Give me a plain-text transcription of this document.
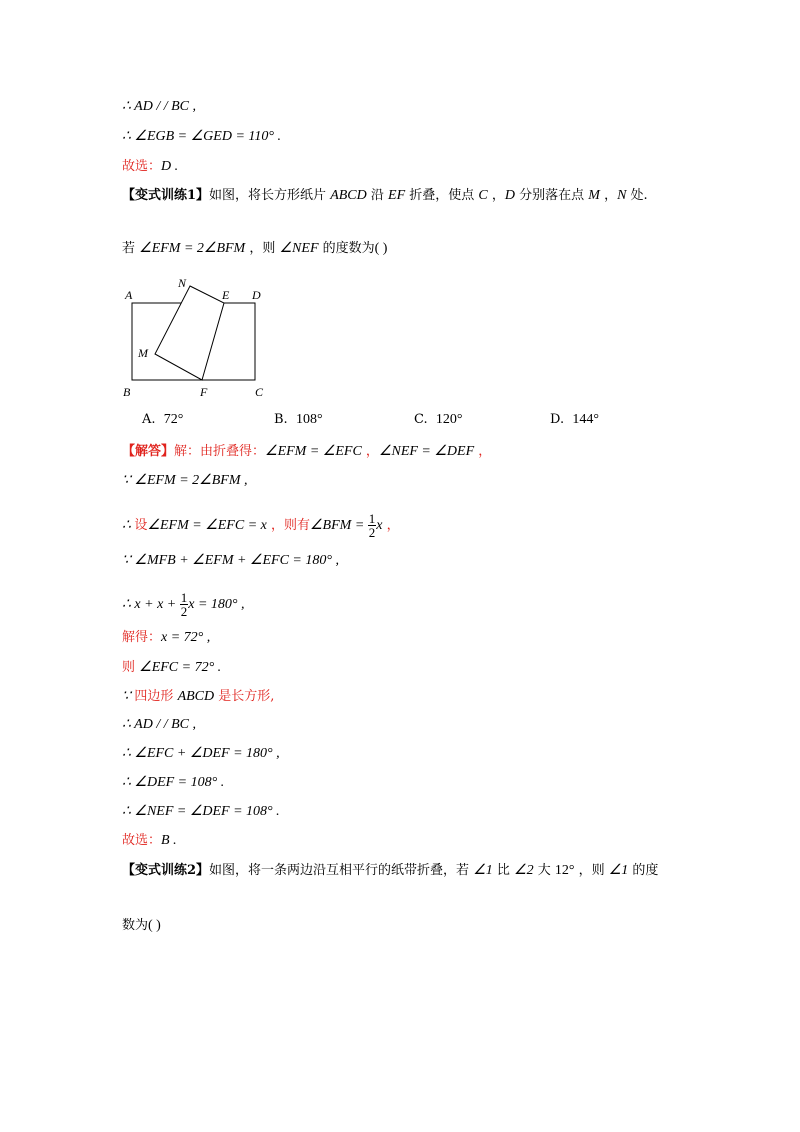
∴ AD / / BC ,
∴ ∠EGB = ∠GED = 110° .
故选：D .
【变式训练1】如图，将长方形纸片 ABCD 沿 EF 折叠，使点 C ，D 分别落在点 M ，N 处.
若 ∠EFM = 2∠BFM ，则 ∠NEF 的度数为( )
A
B	C
D
E
F
M
N
A. 72°	B. 108°	C. 120°	D. 144°
【解答】解：由折叠得：∠EFM = ∠EFC ，∠NEF = ∠DEF ，
∵ ∠EFM = 2∠BFM ,
∴ 设∠EFM = ∠EFC = x ，则有∠BFM = $\frac{1}{2}$ x ，
∵ ∠MFB + ∠EFM + ∠EFC = 180° ,
∴ $x + x + \frac{1}{2}$ x = 180° ,
解得：x = 72° ,
则 ∠EFC = 72° .
∵ 四边形 ABCD 是长方形,
∴ AD / / BC ,
∴ ∠EFC + ∠DEF = 180° ,
∴ ∠DEF = 108° .
∴ ∠NEF = ∠DEF = 108° .
故选：B .
【变式训练2】如图，将一条两边沿互相平行的纸带折叠，若 ∠1 比 ∠2 大 12° ，则 ∠1 的度
数为( )
